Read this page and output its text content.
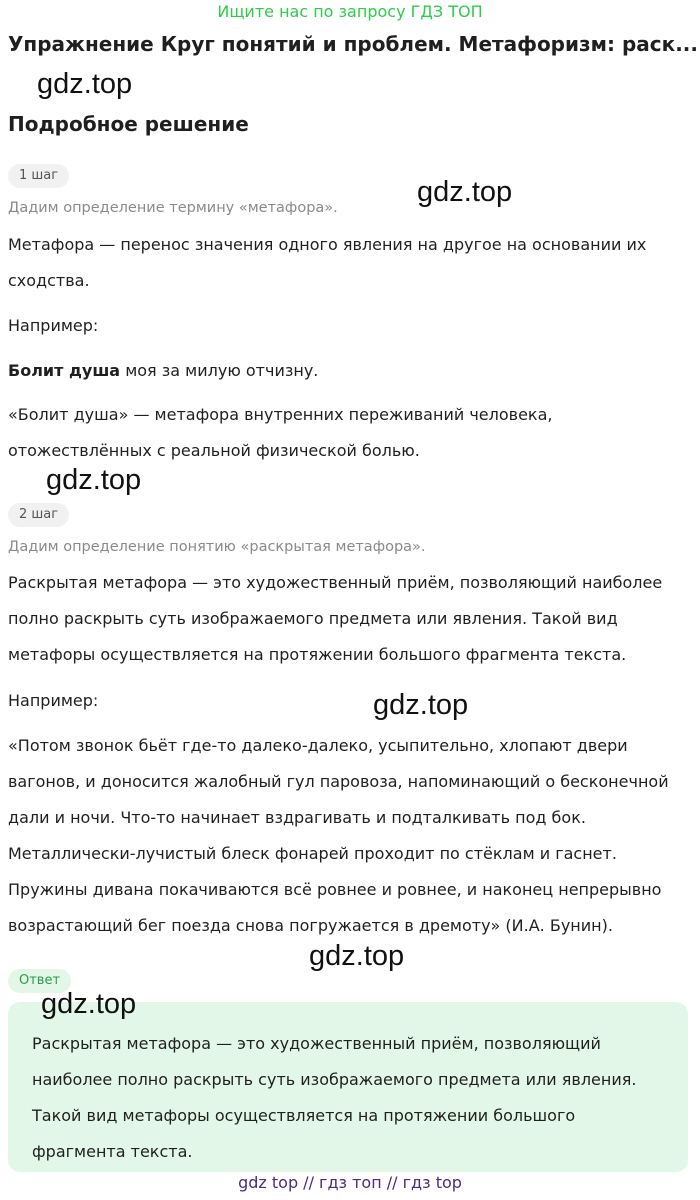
Ищите нас по запросу ГДЗ ТОП
Упражнение Круг понятий и проблем. Метафоризм: раск...
gdz.top
Подробное решение
1 шаг
gdz.top
Дадим определение термину «метафора».

Метафора — перенос значения одного явления на другое на основании их сходства.

Например:

Болит душа моя за милую отчизну.

«Болит душа» — метафора внутренних переживаний человека, отожествлённых с реальной физической болью.

gdz.top
2 шаг
Дадим определение понятию «раскрытая метафора».

Раскрытая метафора — это художественный приём, позволяющий наиболее полно раскрыть суть изображаемого предмета или явления. Такой вид метафоры осуществляется на протяжении большого фрагмента текста.

Например:	gdz.top

«Потом звонок бьёт где-то далеко-далеко, усыпительно, хлопают двери вагонов, и доносится жалобный гул паровоза, напоминающий о бесконечной дали и ночи. Что-то начинает вздрагивать и подталкивать под бок. Металлически-лучистый блеск фонарей проходит по стёклам и гаснет. Пружины дивана покачиваются всё ровнее и ровнее, и наконец непрерывно возрастающий бег поезда снова погружается в дремоту» (И.А. Бунин).

gdz.top
Ответ

Раскрытая метафора — это художественный приём, позволяющий наиболее полно раскрыть суть изображаемого предмета или явления. Такой вид метафоры осуществляется на протяжении большого фрагмента текста.

gdz.top
gdz top // гдз топ // гдз top
